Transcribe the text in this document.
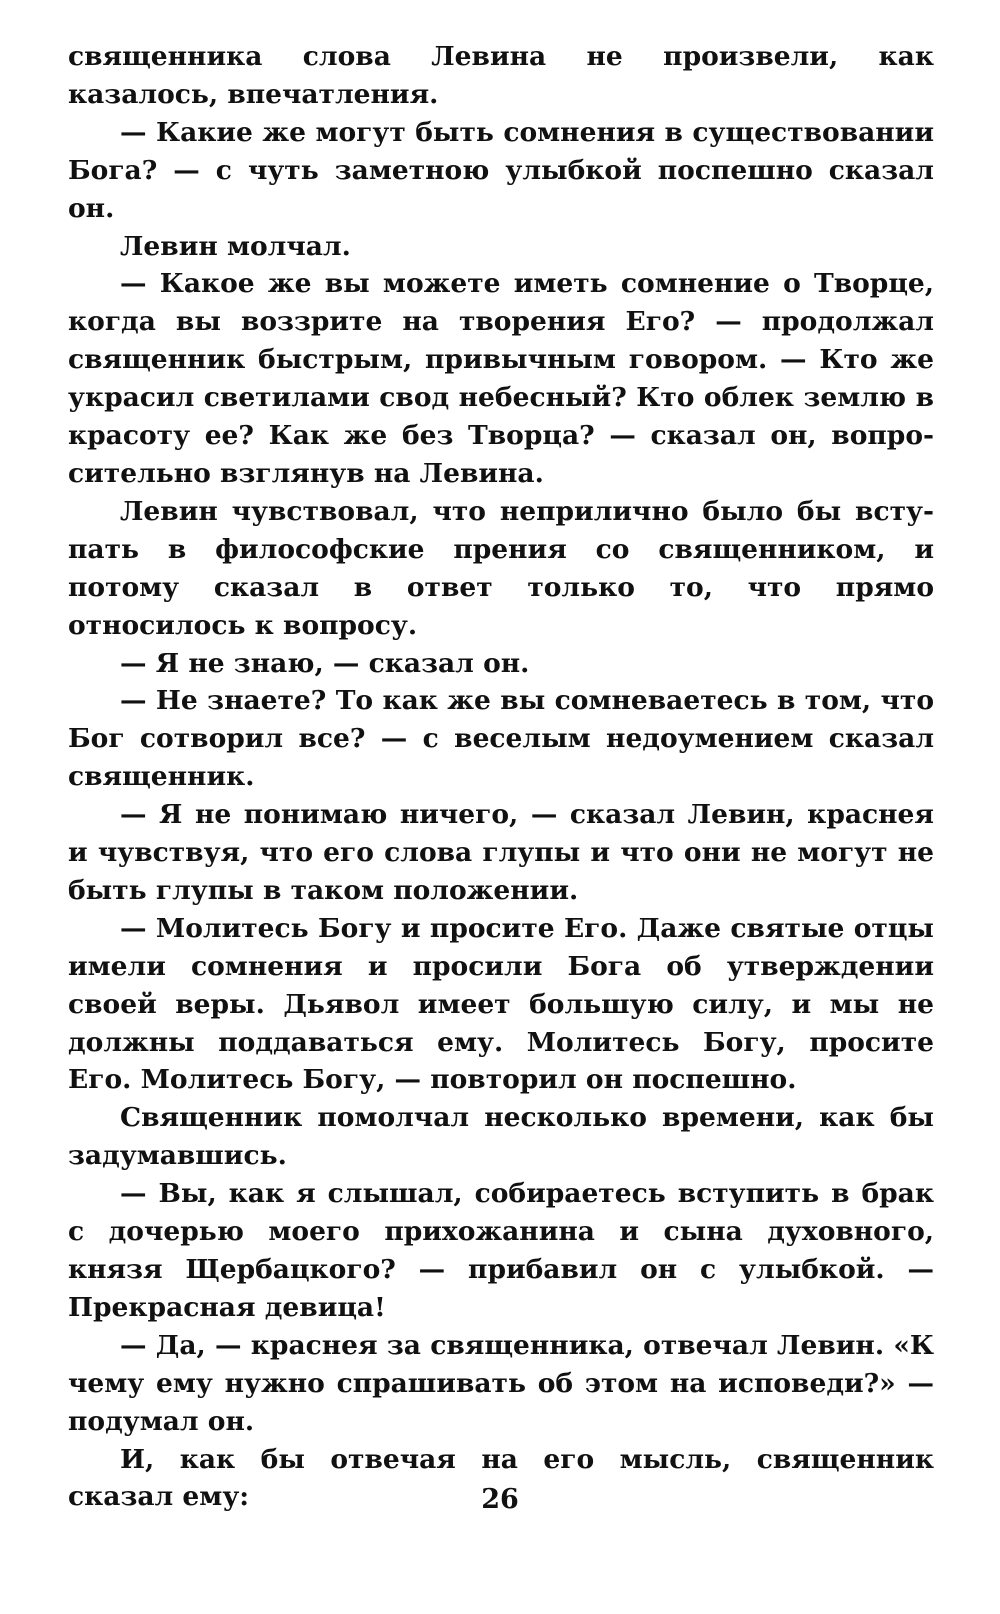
священника слова Левина не произвели, как казалось, впечатления.

— Какие же могут быть сомнения в существовании Бога? — с чуть заметною улыбкой поспешно сказал он.

Левин молчал.

— Какое же вы можете иметь сомнение о Творце, когда вы воззрите на творения Его? — продолжал священник быстрым, привычным говором. — Кто же украсил светилами свод небесный? Кто облек землю в красоту ее? Как же без Творца? — сказал он, вопросительно взглянув на Левина.

Левин чувствовал, что неприлично было бы вступать в философские прения со священником, и потому сказал в ответ только то, что прямо относилось к вопросу.

— Я не знаю, — сказал он.

— Не знаете? То как же вы сомневаетесь в том, что Бог сотворил все? — с веселым недоумением сказал священник.

— Я не понимаю ничего, — сказал Левин, краснея и чувствуя, что его слова глупы и что они не могут не быть глупы в таком положении.

— Молитесь Богу и просите Его. Даже святые отцы имели сомнения и просили Бога об утверждении своей веры. Дьявол имеет большую силу, и мы не должны поддаваться ему. Молитесь Богу, просите Его. Молитесь Богу, — повторил он поспешно.

Священник помолчал несколько времени, как бы задумавшись.

— Вы, как я слышал, собираетесь вступить в брак с дочерью моего прихожанина и сына духовного, князя Щербацкого? — прибавил он с улыбкой. — Прекрасная девица!

— Да, — краснея за священника, отвечал Левин. «К чему ему нужно спрашивать об этом на исповеди?» — подумал он.

И, как бы отвечая на его мысль, священник сказал ему:	26
